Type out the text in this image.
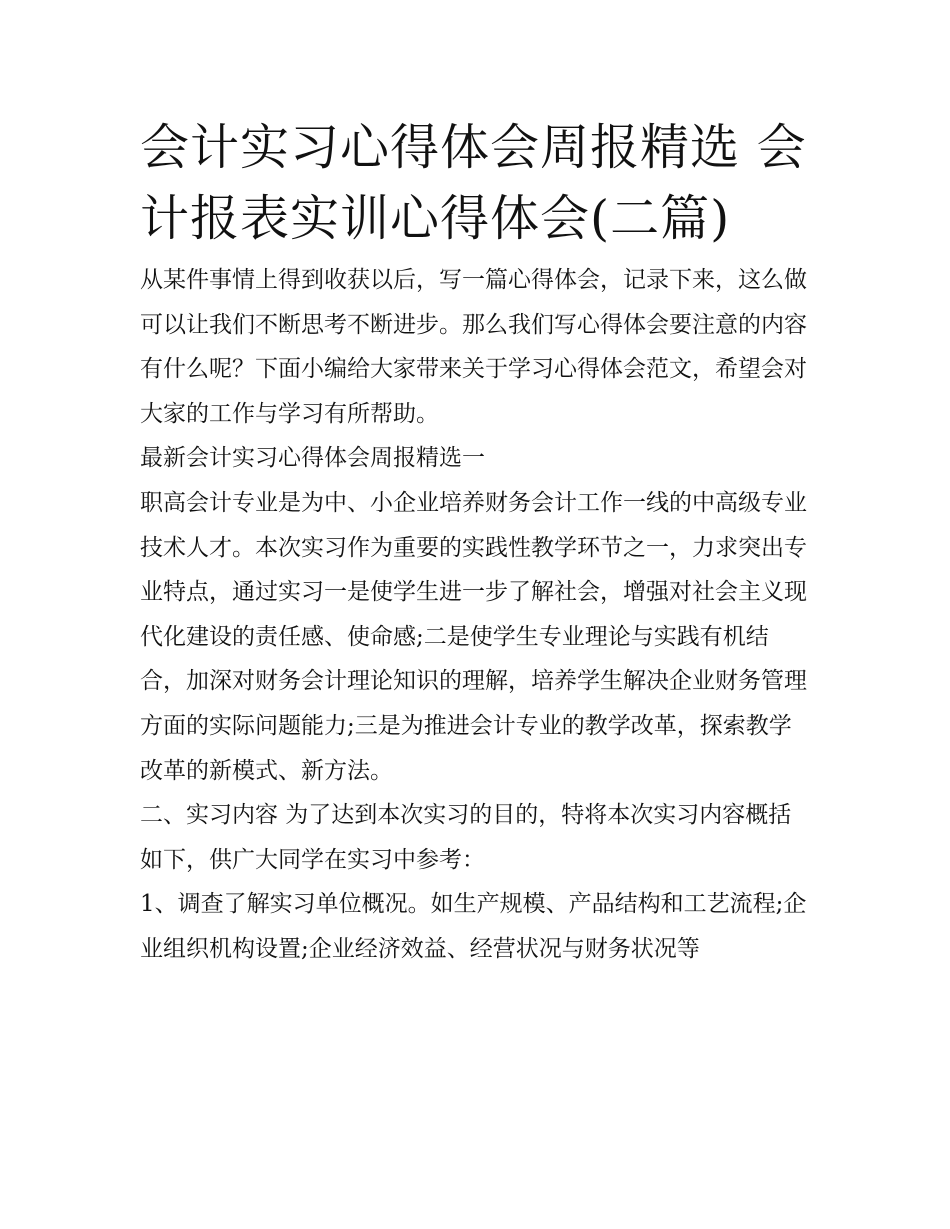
会计实习心得体会周报精选 会计报表实训心得体会(二篇)

从某件事情上得到收获以后，写一篇心得体会，记录下来，这么做可以让我们不断思考不断进步。那么我们写心得体会要注意的内容有什么呢？下面小编给大家带来关于学习心得体会范文，希望会对大家的工作与学习有所帮助。

最新会计实习心得体会周报精选一

职高会计专业是为中、小企业培养财务会计工作一线的中高级专业技术人才。本次实习作为重要的实践性教学环节之一，力求突出专业特点，通过实习一是使学生进一步了解社会，增强对社会主义现代化建设的责任感、使命感;二是使学生专业理论与实践有机结合，加深对财务会计理论知识的理解，培养学生解决企业财务管理方面的实际问题能力;三是为推进会计专业的教学改革，探索教学改革的新模式、新方法。

二、实习内容 为了达到本次实习的目的，特将本次实习内容概括如下，供广大同学在实习中参考：

1、调查了解实习单位概况。如生产规模、产品结构和工艺流程;企业组织机构设置;企业经济效益、经营状况与财务状况等
